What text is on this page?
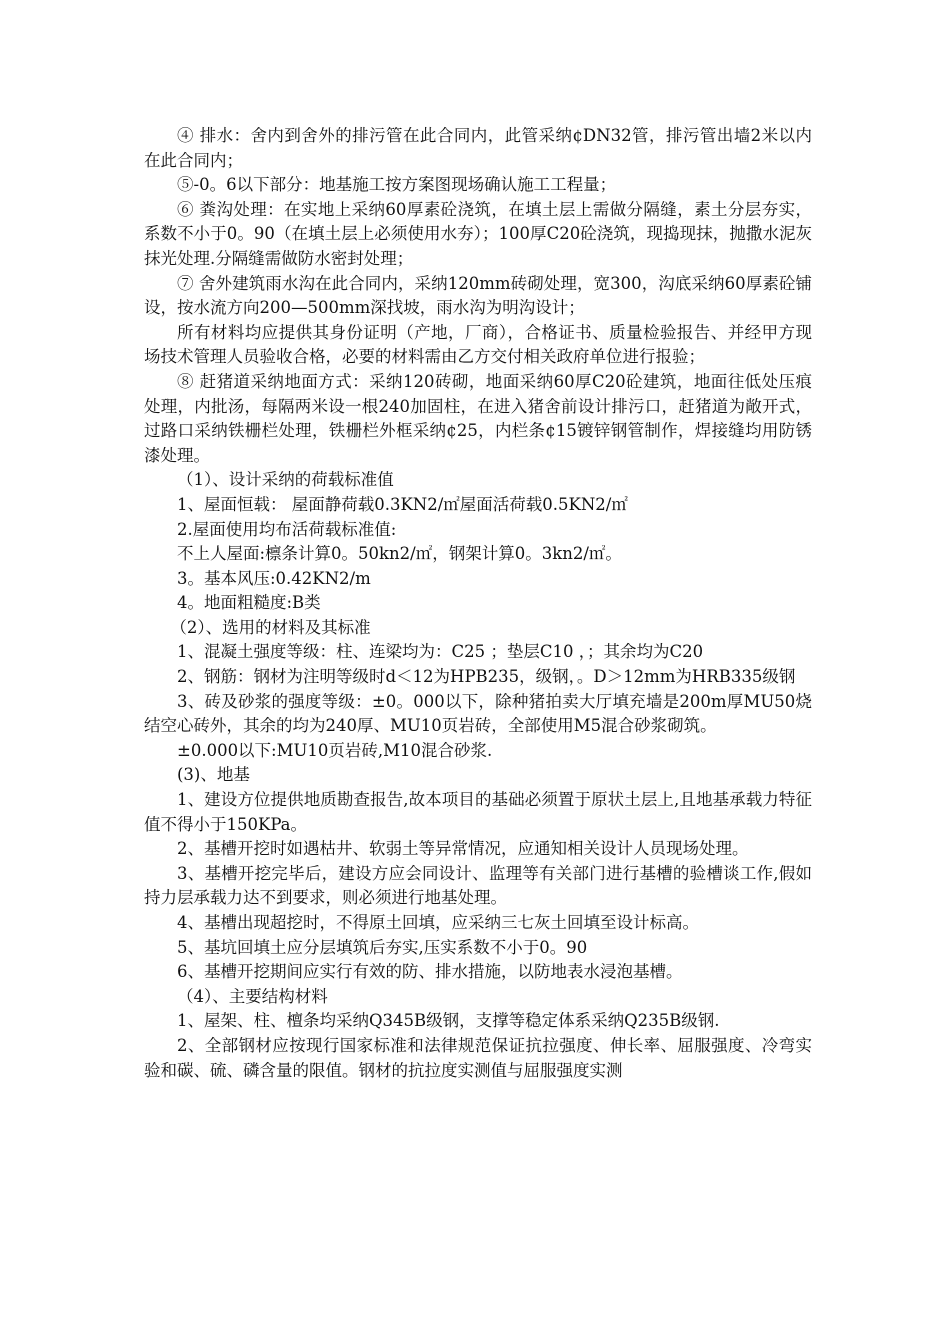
④ 排水：舍内到舍外的排污管在此合同内，此管采纳¢DN32管，排污管出墙2米以内在此合同内；

⑤-0。6以下部分：地基施工按方案图现场确认施工工程量；

⑥ 粪沟处理：在实地上采纳60厚素砼浇筑，在填土层上需做分隔缝，素土分层夯实，系数不小于0。90（在填土层上必须使用水夯）；100厚C20砼浇筑，现捣现抹，抛撒水泥灰抹光处理.分隔缝需做防水密封处理；

⑦ 舍外建筑雨水沟在此合同内，采纳120mm砖砌处理，宽300，沟底采纳60厚素砼铺设，按水流方向200—500mm深找坡，雨水沟为明沟设计；

所有材料均应提供其身份证明（产地，厂商），合格证书、质量检验报告、并经甲方现场技术管理人员验收合格，必要的材料需由乙方交付相关政府单位进行报验；

⑧ 赶猪道采纳地面方式：采纳120砖砌，地面采纳60厚C20砼建筑，地面往低处压痕处理，内批汤，每隔两米设一根240加固柱，在进入猪舍前设计排污口，赶猪道为敞开式，过路口采纳铁栅栏处理，铁栅栏外框采纳¢25，内栏条¢15镀锌钢管制作，焊接缝均用防锈漆处理。

（1）、设计采纳的荷载标准值

1、屋面恒载： 屋面静荷载0.3KN2/㎡屋面活荷载0.5KN2/㎡

2.屋面使用均布活荷载标准值:

不上人屋面:檩条计算0。50kn2/㎡，钢架计算0。3kn2/㎡。

3。基本风压:0.42KN2/m

4。地面粗糙度:B类

（2）、选用的材料及其标准

1、混凝土强度等级：柱、连梁均为：C25 ；垫层C10 ，；其余均为C20

2、钢筋：钢材为注明等级时d＜12为HPB235，级钢，。D＞12mm为HRB335级钢

3、砖及砂浆的强度等级：±0。000以下，除种猪拍卖大厅填充墙是200m厚MU50烧结空心砖外，其余的均为240厚、MU10页岩砖，全部使用M5混合砂浆砌筑。

±0.000以下:MU10页岩砖,M10混合砂浆.

(3)、地基

1、建设方位提供地质勘查报告,故本项目的基础必须置于原状土层上,且地基承载力特征值不得小于150KPa。

2、基槽开挖时如遇枯井、软弱土等异常情况，应通知相关设计人员现场处理。

3、基槽开挖完毕后，建设方应会同设计、监理等有关部门进行基槽的验槽谈工作,假如持力层承载力达不到要求，则必须进行地基处理。

4、基槽出现超挖时，不得原土回填，应采纳三七灰土回填至设计标高。

5、基坑回填土应分层填筑后夯实,压实系数不小于0。90

6、基槽开挖期间应实行有效的防、排水措施，以防地表水浸泡基槽。

（4）、主要结构材料

1、屋架、柱、檀条均采纳Q345B级钢，支撑等稳定体系采纳Q235B级钢.

2、全部钢材应按现行国家标准和法律规范保证抗拉强度、伸长率、屈服强度、冷弯实验和碳、硫、磷含量的限值。钢材的抗拉度实测值与屈服强度实测
